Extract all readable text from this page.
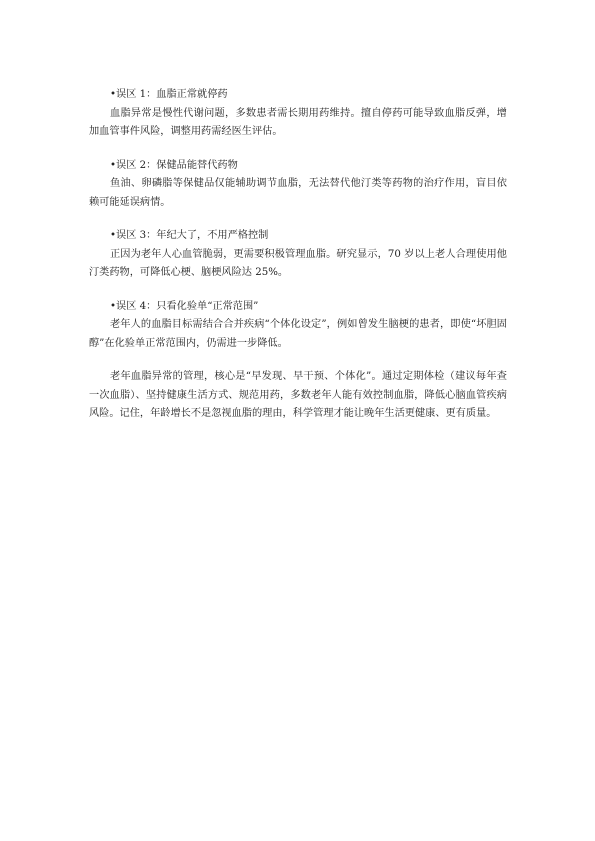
•误区 1：血脂正常就停药

血脂异常是慢性代谢问题，多数患者需长期用药维持。擅自停药可能导致血脂反弹，增加血管事件风险，调整用药需经医生评估。

•误区 2：保健品能替代药物

鱼油、卵磷脂等保健品仅能辅助调节血脂，无法替代他汀类等药物的治疗作用，盲目依赖可能延误病情。

•误区 3：年纪大了，不用严格控制

正因为老年人心血管脆弱，更需要积极管理血脂。研究显示，70 岁以上老人合理使用他汀类药物，可降低心梗、脑梗风险达 25%。

•误区 4：只看化验单“正常范围”

老年人的血脂目标需结合合并疾病“个体化设定”，例如曾发生脑梗的患者，即使“坏胆固醇”在化验单正常范围内，仍需进一步降低。

老年血脂异常的管理，核心是“早发现、早干预、个体化”。通过定期体检（建议每年查一次血脂）、坚持健康生活方式、规范用药，多数老年人能有效控制血脂，降低心脑血管疾病风险。记住，年龄增长不是忽视血脂的理由，科学管理才能让晚年生活更健康、更有质量。
